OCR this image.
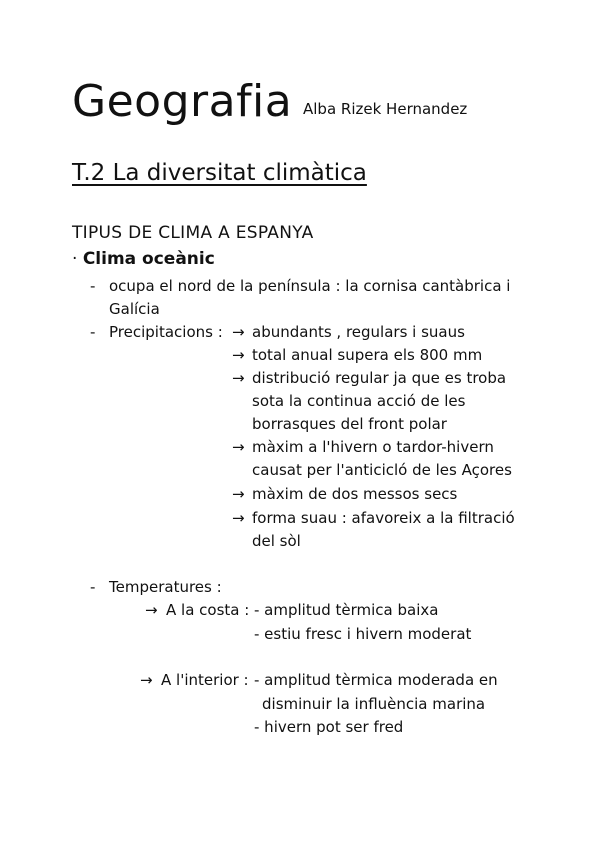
Geografia Alba Rizek Hernandez
T.2 La diversitat climàtica
TIPUS DE CLIMA A ESPANYA
· Clima oceànic
- ocupa el nord de la península : la cornisa cantàbrica i
Galícia
- Precipitacions : → abundants , regulars i suaus
→ total anual supera els 800 mm
→ distribució regular ja que es troba
sota la continua acció de les
borrasques del front polar
→ màxim a l'hivern o tardor-hivern
causat per l'anticicló de les Açores
→ màxim de dos messos secs
→ forma suau : afavoreix a la filtració
del sòl
- Temperatures :
→ A la costa : - amplitud tèrmica baixa
- estiu fresc i hivern moderat
→ A l'interior : - amplitud tèrmica moderada en
disminuir la influència marina
- hivern pot ser fred
